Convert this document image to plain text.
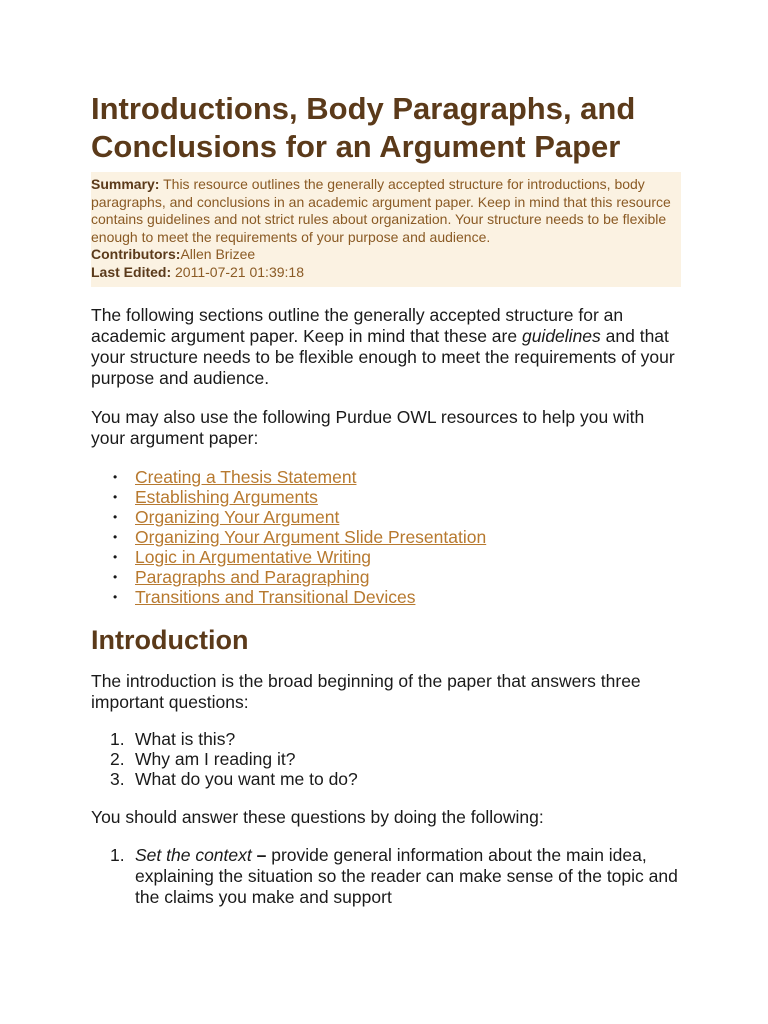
Introductions, Body Paragraphs, and Conclusions for an Argument Paper
Summary: This resource outlines the generally accepted structure for introductions, body paragraphs, and conclusions in an academic argument paper. Keep in mind that this resource contains guidelines and not strict rules about organization. Your structure needs to be flexible enough to meet the requirements of your purpose and audience.
Contributors:Allen Brizee
Last Edited: 2011-07-21 01:39:18

The following sections outline the generally accepted structure for an academic argument paper. Keep in mind that these are guidelines and that your structure needs to be flexible enough to meet the requirements of your purpose and audience.

You may also use the following Purdue OWL resources to help you with your argument paper:

• Creating a Thesis Statement
• Establishing Arguments
• Organizing Your Argument
• Organizing Your Argument Slide Presentation
• Logic in Argumentative Writing
• Paragraphs and Paragraphing
• Transitions and Transitional Devices
Introduction

The introduction is the broad beginning of the paper that answers three important questions:

1. What is this?
2. Why am I reading it?
3. What do you want me to do?

You should answer these questions by doing the following:

1. Set the context – provide general information about the main idea, explaining the situation so the reader can make sense of the topic and the claims you make and support
